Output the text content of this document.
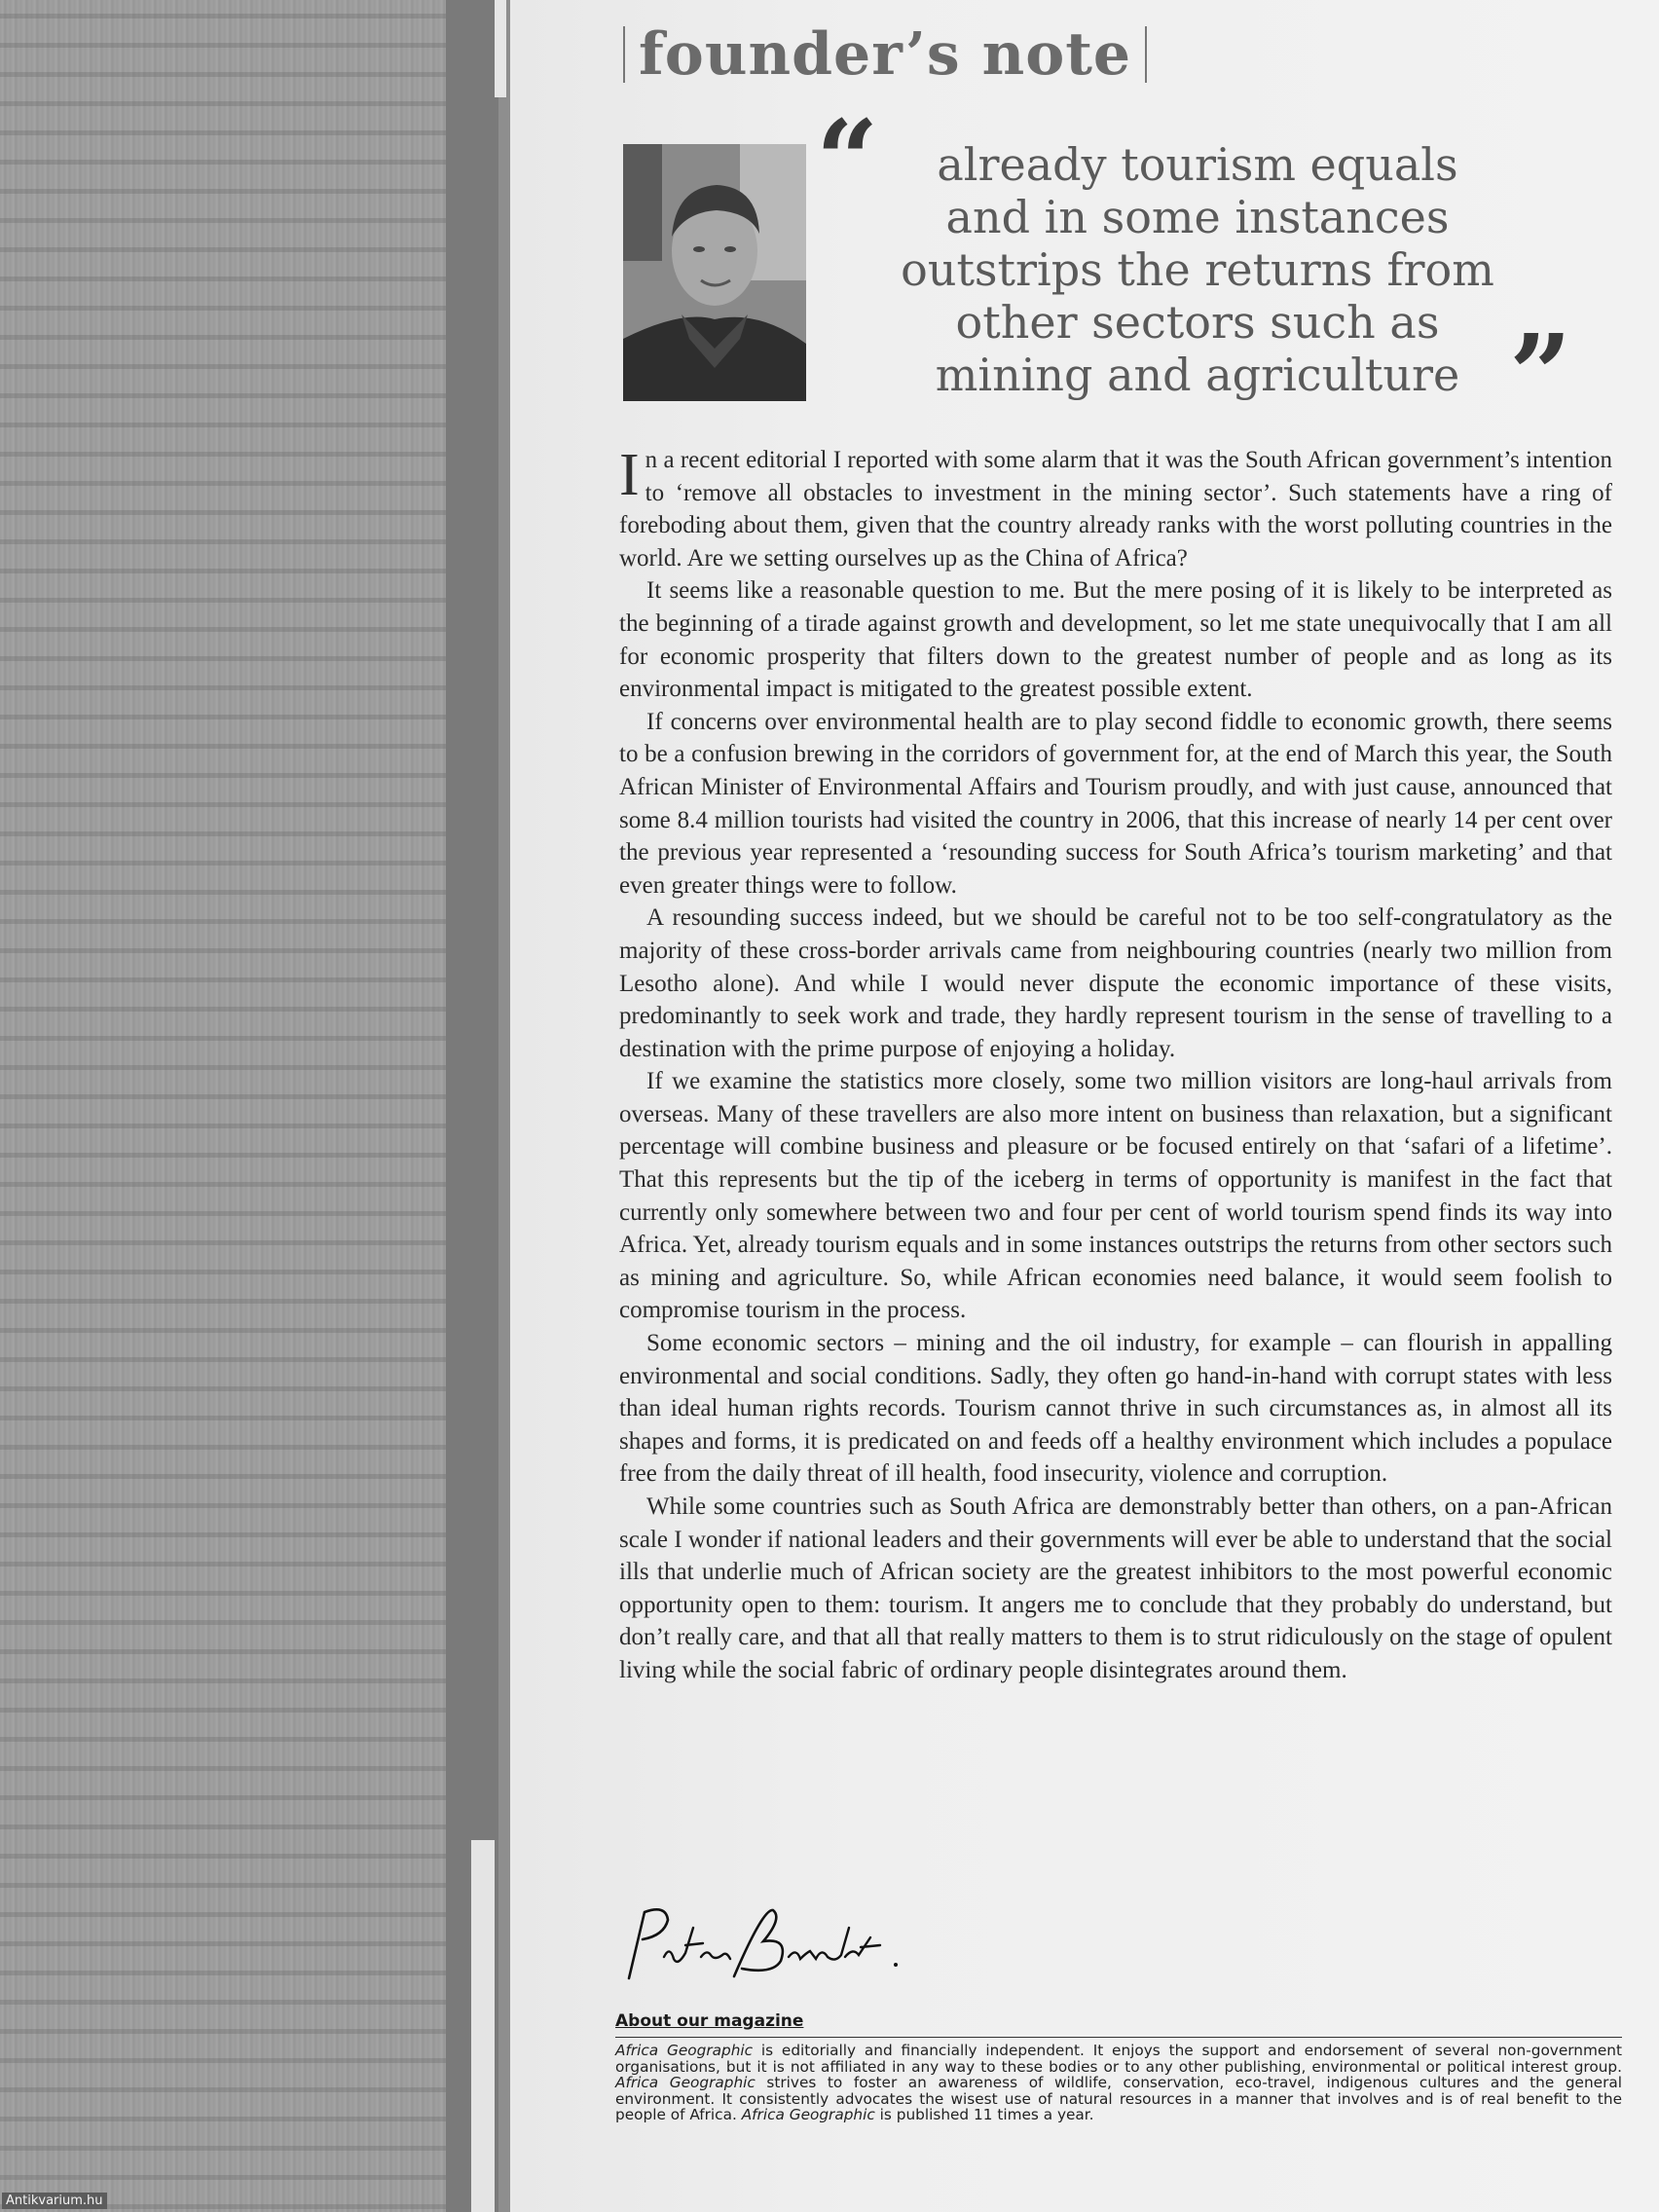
founder’s note
“	already tourism equals
and in some instances
outstrips the returns from
other sectors such as
mining and agriculture ”

In a recent editorial I reported with some alarm that it was the South African government’s intention to ‘remove all obstacles to investment in the mining sector’. Such statements have a ring of foreboding about them, given that the country already ranks with the worst polluting countries in the world. Are we setting ourselves up as the China of Africa?

It seems like a reasonable question to me. But the mere posing of it is likely to be interpreted as the beginning of a tirade against growth and development, so let me state unequivocally that I am all for economic prosperity that filters down to the greatest number of people and as long as its environmental impact is mitigated to the greatest possible extent.

If concerns over environmental health are to play second fiddle to economic growth, there seems to be a confusion brewing in the corridors of government for, at the end of March this year, the South African Minister of Environmental Affairs and Tourism proudly, and with just cause, announced that some 8.4 million tourists had visited the country in 2006, that this increase of nearly 14 per cent over the previous year represented a ‘resounding success for South Africa’s tourism marketing’ and that even greater things were to follow.

A resounding success indeed, but we should be careful not to be too self-congratulatory as the majority of these cross-border arrivals came from neighbouring countries (nearly two million from Lesotho alone). And while I would never dispute the economic importance of these visits, predominantly to seek work and trade, they hardly represent tourism in the sense of travelling to a destination with the prime purpose of enjoying a holiday.

If we examine the statistics more closely, some two million visitors are long-haul arrivals from overseas. Many of these travellers are also more intent on business than relaxation, but a significant percentage will combine business and pleasure or be focused entirely on that ‘safari of a lifetime’. That this represents but the tip of the iceberg in terms of opportunity is manifest in the fact that currently only somewhere between two and four per cent of world tourism spend finds its way into Africa. Yet, already tourism equals and in some instances outstrips the returns from other sectors such as mining and agriculture. So, while African economies need balance, it would seem foolish to compromise tourism in the process.

Some economic sectors – mining and the oil industry, for example – can flourish in appalling environmental and social conditions. Sadly, they often go hand-in-hand with corrupt states with less than ideal human rights records. Tourism cannot thrive in such circumstances as, in almost all its shapes and forms, it is predicated on and feeds off a healthy environment which includes a populace free from the daily threat of ill health, food insecurity, violence and corruption.

While some countries such as South Africa are demonstrably better than others, on a pan-African scale I wonder if national leaders and their governments will ever be able to understand that the social ills that underlie much of African society are the greatest inhibitors to the most powerful economic opportunity open to them: tourism. It angers me to conclude that they probably do understand, but don’t really care, and that all that really matters to them is to strut ridiculously on the stage of opulent living while the social fabric of ordinary people disintegrates around them.

About our magazine
Africa Geographic is editorially and financially independent. It enjoys the support and endorsement of several non-government organisations, but it is not affiliated in any way to these bodies or to any other publishing, environmental or political interest group. Africa Geographic strives to foster an awareness of wildlife, conservation, eco-travel, indigenous cultures and the general environment. It consistently advocates the wisest use of natural resources in a manner that involves and is of real benefit to the people of Africa. Africa Geographic is published 11 times a year.
Antikvarium.hu
